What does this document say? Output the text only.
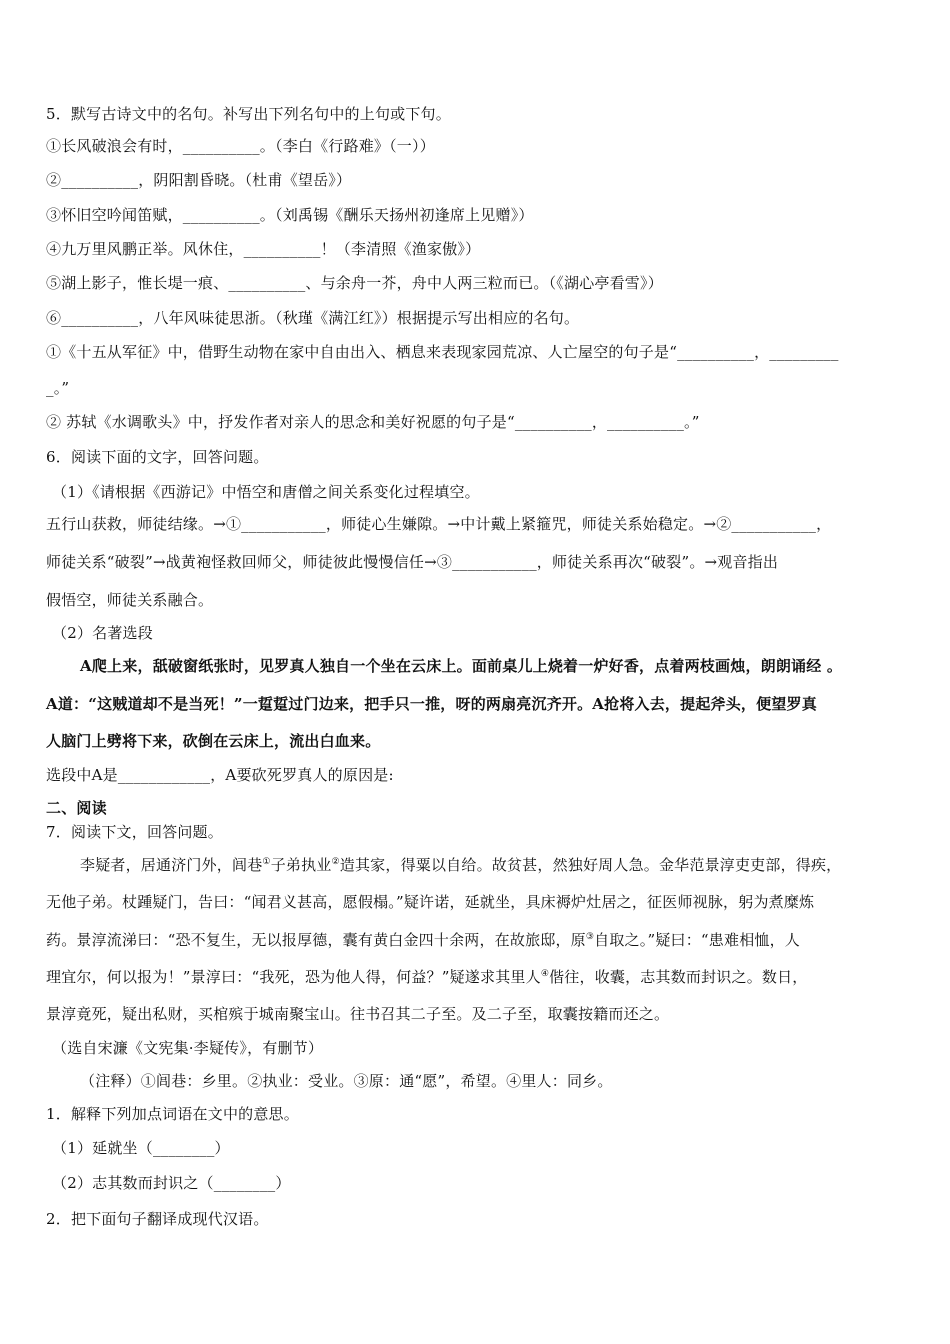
5．默写古诗文中的名句。补写出下列名句中的上句或下句。
①长风破浪会有时，__________。（李白《行路难》（一））
②__________，阴阳割昏晓。（杜甫《望岳》）
③怀旧空吟闻笛赋，__________。（刘禹锡《酬乐天扬州初逢席上见赠》）
④九万里风鹏正举。风休住，__________！（李清照《渔家傲》）
⑤湖上影子，惟长堤一痕、__________、与余舟一芥，舟中人两三粒而已。（《湖心亭看雪》）
⑥__________，八年风味徒思浙。（秋瑾《满江红》）根据提示写出相应的名句。
①《十五从军征》中，借野生动物在家中自由出入、栖息来表现家园荒凉、人亡屋空的句子是“__________，_________
_。”
② 苏轼《水调歌头》中，抒发作者对亲人的思念和美好祝愿的句子是“__________，__________。”
6．阅读下面的文字，回答问题。
（1）《请根据《西游记》中悟空和唐僧之间关系变化过程填空。
五行山获救，师徒结缘。→①___________，师徒心生嫌隙。→中计戴上紧箍咒，师徒关系始稳定。→②___________，
师徒关系“破裂”→战黄袍怪救回师父，师徒彼此慢慢信任→③___________，师徒关系再次“破裂”。→观音指出
假悟空，师徒关系融合。
（2）名著选段
A爬上来，舐破窗纸张时，见罗真人独自一个坐在云床上。面前桌儿上烧着一炉好香，点着两枝画烛，朗朗诵经 。
A道：“这贼道却不是当死！”一踅踅过门边来，把手只一推，呀的两扇亮沉齐开。A抢将入去，提起斧头，便望罗真
人脑门上劈将下来，砍倒在云床上，流出白血来。
选段中A是____________，A要砍死罗真人的原因是:
二、阅读
7．阅读下文，回答问题。
李疑者，居通济门外，闾巷①子弟执业②造其家，得粟以自给。故贫甚，然独好周人急。金华范景淳吏吏部，得疾，
无他子弟。杖踵疑门，告曰：“闻君义甚高，愿假榻。”疑许诺，延就坐，具床褥炉灶居之，征医师视脉，躬为煮糜炼
药。景淳流涕曰：“恐不复生，无以报厚德，囊有黄白金四十余两，在故旅邸，原③自取之。”疑曰：“患难相恤，人
理宜尔，何以报为！”景淳曰：“我死，恐为他人得，何益？”疑遂求其里人④偕往，收囊，志其数而封识之。数日，
景淳竟死，疑出私财，买棺殡于城南聚宝山。往书召其二子至。及二子至，取囊按籍而还之。
（选自宋濂《文宪集·李疑传》，有删节）
（注释）①闾巷：乡里。②执业：受业。③原：通“愿”，希望。④里人：同乡。
1．解释下列加点词语在文中的意思。
（1）延就坐（________）
（2）志其数而封识之（________）
2．把下面句子翻译成现代汉语。
